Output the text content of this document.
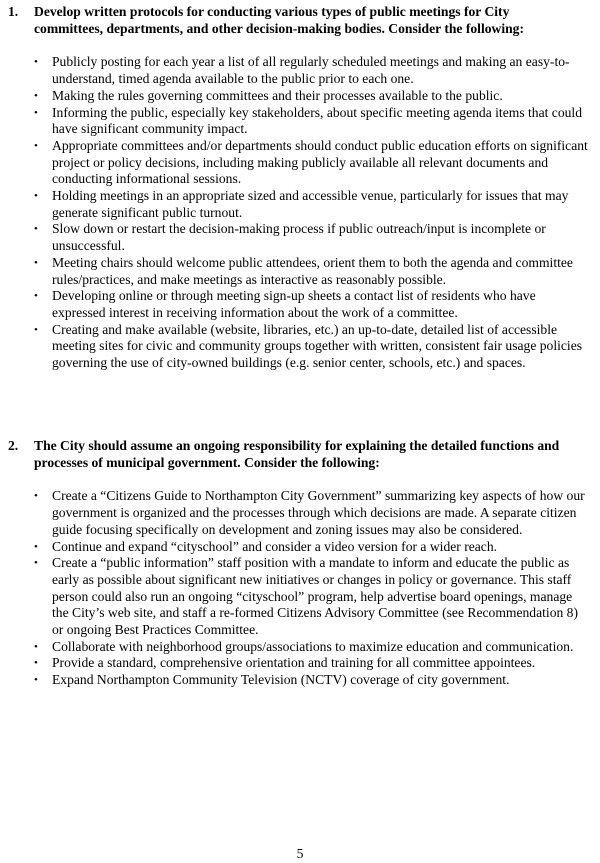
1. Develop written protocols for conducting various types of public meetings for City committees, departments, and other decision-making bodies. Consider the following:
•	Publicly posting for each year a list of all regularly scheduled meetings and making an easy-to-understand, timed agenda available to the public prior to each one.
•	Making the rules governing committees and their processes available to the public.
•	Informing the public, especially key stakeholders, about specific meeting agenda items that could have significant community impact.
•	Appropriate committees and/or departments should conduct public education efforts on significant project or policy decisions, including making publicly available all relevant documents and conducting informational sessions.
•	Holding meetings in an appropriate sized and accessible venue, particularly for issues that may generate significant public turnout.
•	Slow down or restart the decision-making process if public outreach/input is incomplete or unsuccessful.
•	Meeting chairs should welcome public attendees, orient them to both the agenda and committee rules/practices, and make meetings as interactive as reasonably possible.
•	Developing online or through meeting sign-up sheets a contact list of residents who have expressed interest in receiving information about the work of a committee.
•	Creating and make available (website, libraries, etc.) an up-to-date, detailed list of accessible meeting sites for civic and community groups together with written, consistent fair usage policies governing the use of city-owned buildings (e.g. senior center, schools, etc.) and spaces.
2. The City should assume an ongoing responsibility for explaining the detailed functions and processes of municipal government. Consider the following:
•	Create a “Citizens Guide to Northampton City Government” summarizing key aspects of how our government is organized and the processes through which decisions are made. A separate citizen guide focusing specifically on development and zoning issues may also be considered.
•	Continue and expand “cityschool” and consider a video version for a wider reach.
•	Create a “public information” staff position with a mandate to inform and educate the public as early as possible about significant new initiatives or changes in policy or governance. This staff person could also run an ongoing “cityschool” program, help advertise board openings, manage the City’s web site, and staff a re-formed Citizens Advisory Committee (see Recommendation 8) or ongoing Best Practices Committee.
•	Collaborate with neighborhood groups/associations to maximize education and communication.
•	Provide a standard, comprehensive orientation and training for all committee appointees.
•	Expand Northampton Community Television (NCTV) coverage of city government.
5
